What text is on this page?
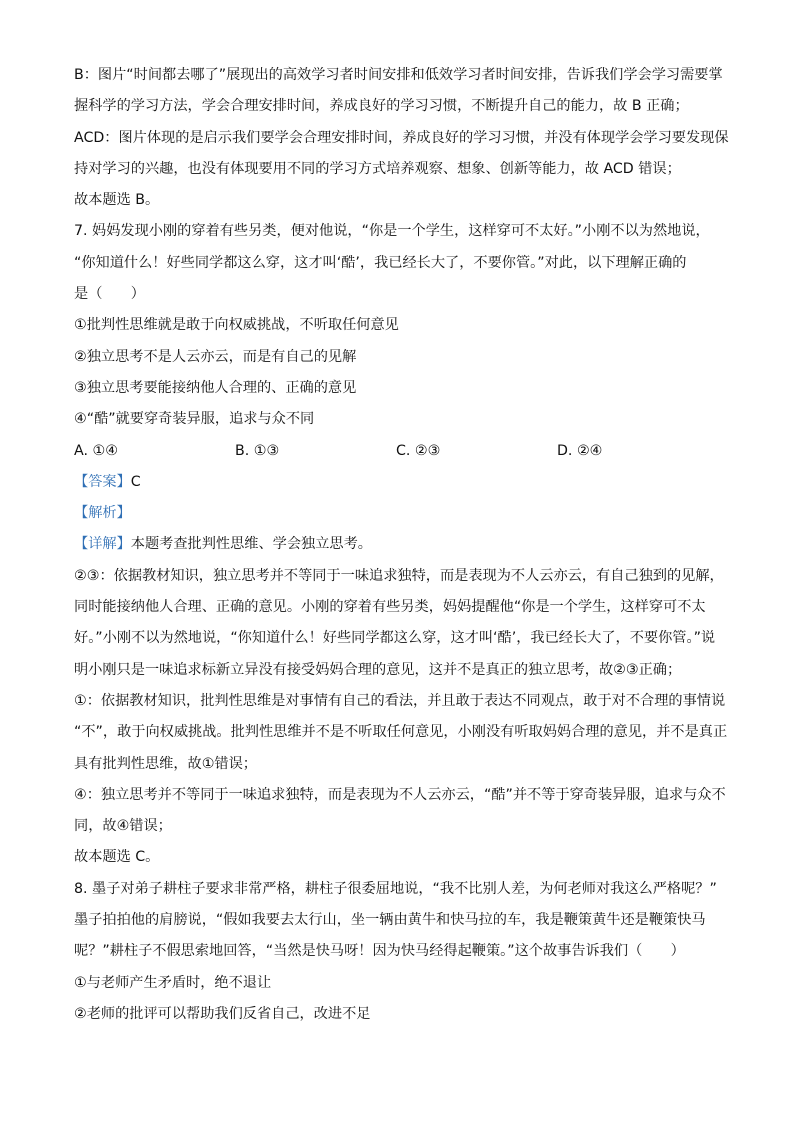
B：图片“时间都去哪了”展现出的高效学习者时间安排和低效学习者时间安排，告诉我们学会学习需要掌
握科学的学习方法，学会合理安排时间，养成良好的学习习惯，不断提升自己的能力，故 B 正确；
ACD：图片体现的是启示我们要学会合理安排时间，养成良好的学习习惯，并没有体现学会学习要发现保
持对学习的兴趣，也没有体现要用不同的学习方式培养观察、想象、创新等能力，故 ACD 错误；
故本题选 B。
7. 妈妈发现小刚的穿着有些另类，便对他说，“你是一个学生，这样穿可不太好。”小刚不以为然地说，
“你知道什么！好些同学都这么穿，这才叫‘酷’，我已经长大了，不要你管。”对此，以下理解正确的
是（　　）
①批判性思维就是敢于向权威挑战，不听取任何意见
②独立思考不是人云亦云，而是有自己的见解
③独立思考要能接纳他人合理的、正确的意见
④“酷”就要穿奇装异服，追求与众不同
A. ①④	B. ①③	C. ②③	D. ②④
【答案】C
【解析】
【详解】本题考查批判性思维、学会独立思考。
②③：依据教材知识，独立思考并不等同于一味追求独特，而是表现为不人云亦云，有自己独到的见解，
同时能接纳他人合理、正确的意见。小刚的穿着有些另类，妈妈提醒他“你是一个学生，这样穿可不太
好。”小刚不以为然地说，“你知道什么！好些同学都这么穿，这才叫‘酷’，我已经长大了，不要你管。”说
明小刚只是一味追求标新立异没有接受妈妈合理的意见，这并不是真正的独立思考，故②③正确；
①：依据教材知识，批判性思维是对事情有自己的看法，并且敢于表达不同观点，敢于对不合理的事情说
“不”，敢于向权威挑战。批判性思维并不是不听取任何意见，小刚没有听取妈妈合理的意见，并不是真正
具有批判性思维，故①错误；
④：独立思考并不等同于一味追求独特，而是表现为不人云亦云，“酷”并不等于穿奇装异服，追求与众不
同，故④错误；
故本题选 C。
8. 墨子对弟子耕柱子要求非常严格，耕柱子很委屈地说，“我不比别人差，为何老师对我这么严格呢？”
墨子拍拍他的肩膀说，“假如我要去太行山，坐一辆由黄牛和快马拉的车，我是鞭策黄牛还是鞭策快马
呢？”耕柱子不假思索地回答，“当然是快马呀！因为快马经得起鞭策。”这个故事告诉我们（　　）
①与老师产生矛盾时，绝不退让
②老师的批评可以帮助我们反省自己，改进不足
